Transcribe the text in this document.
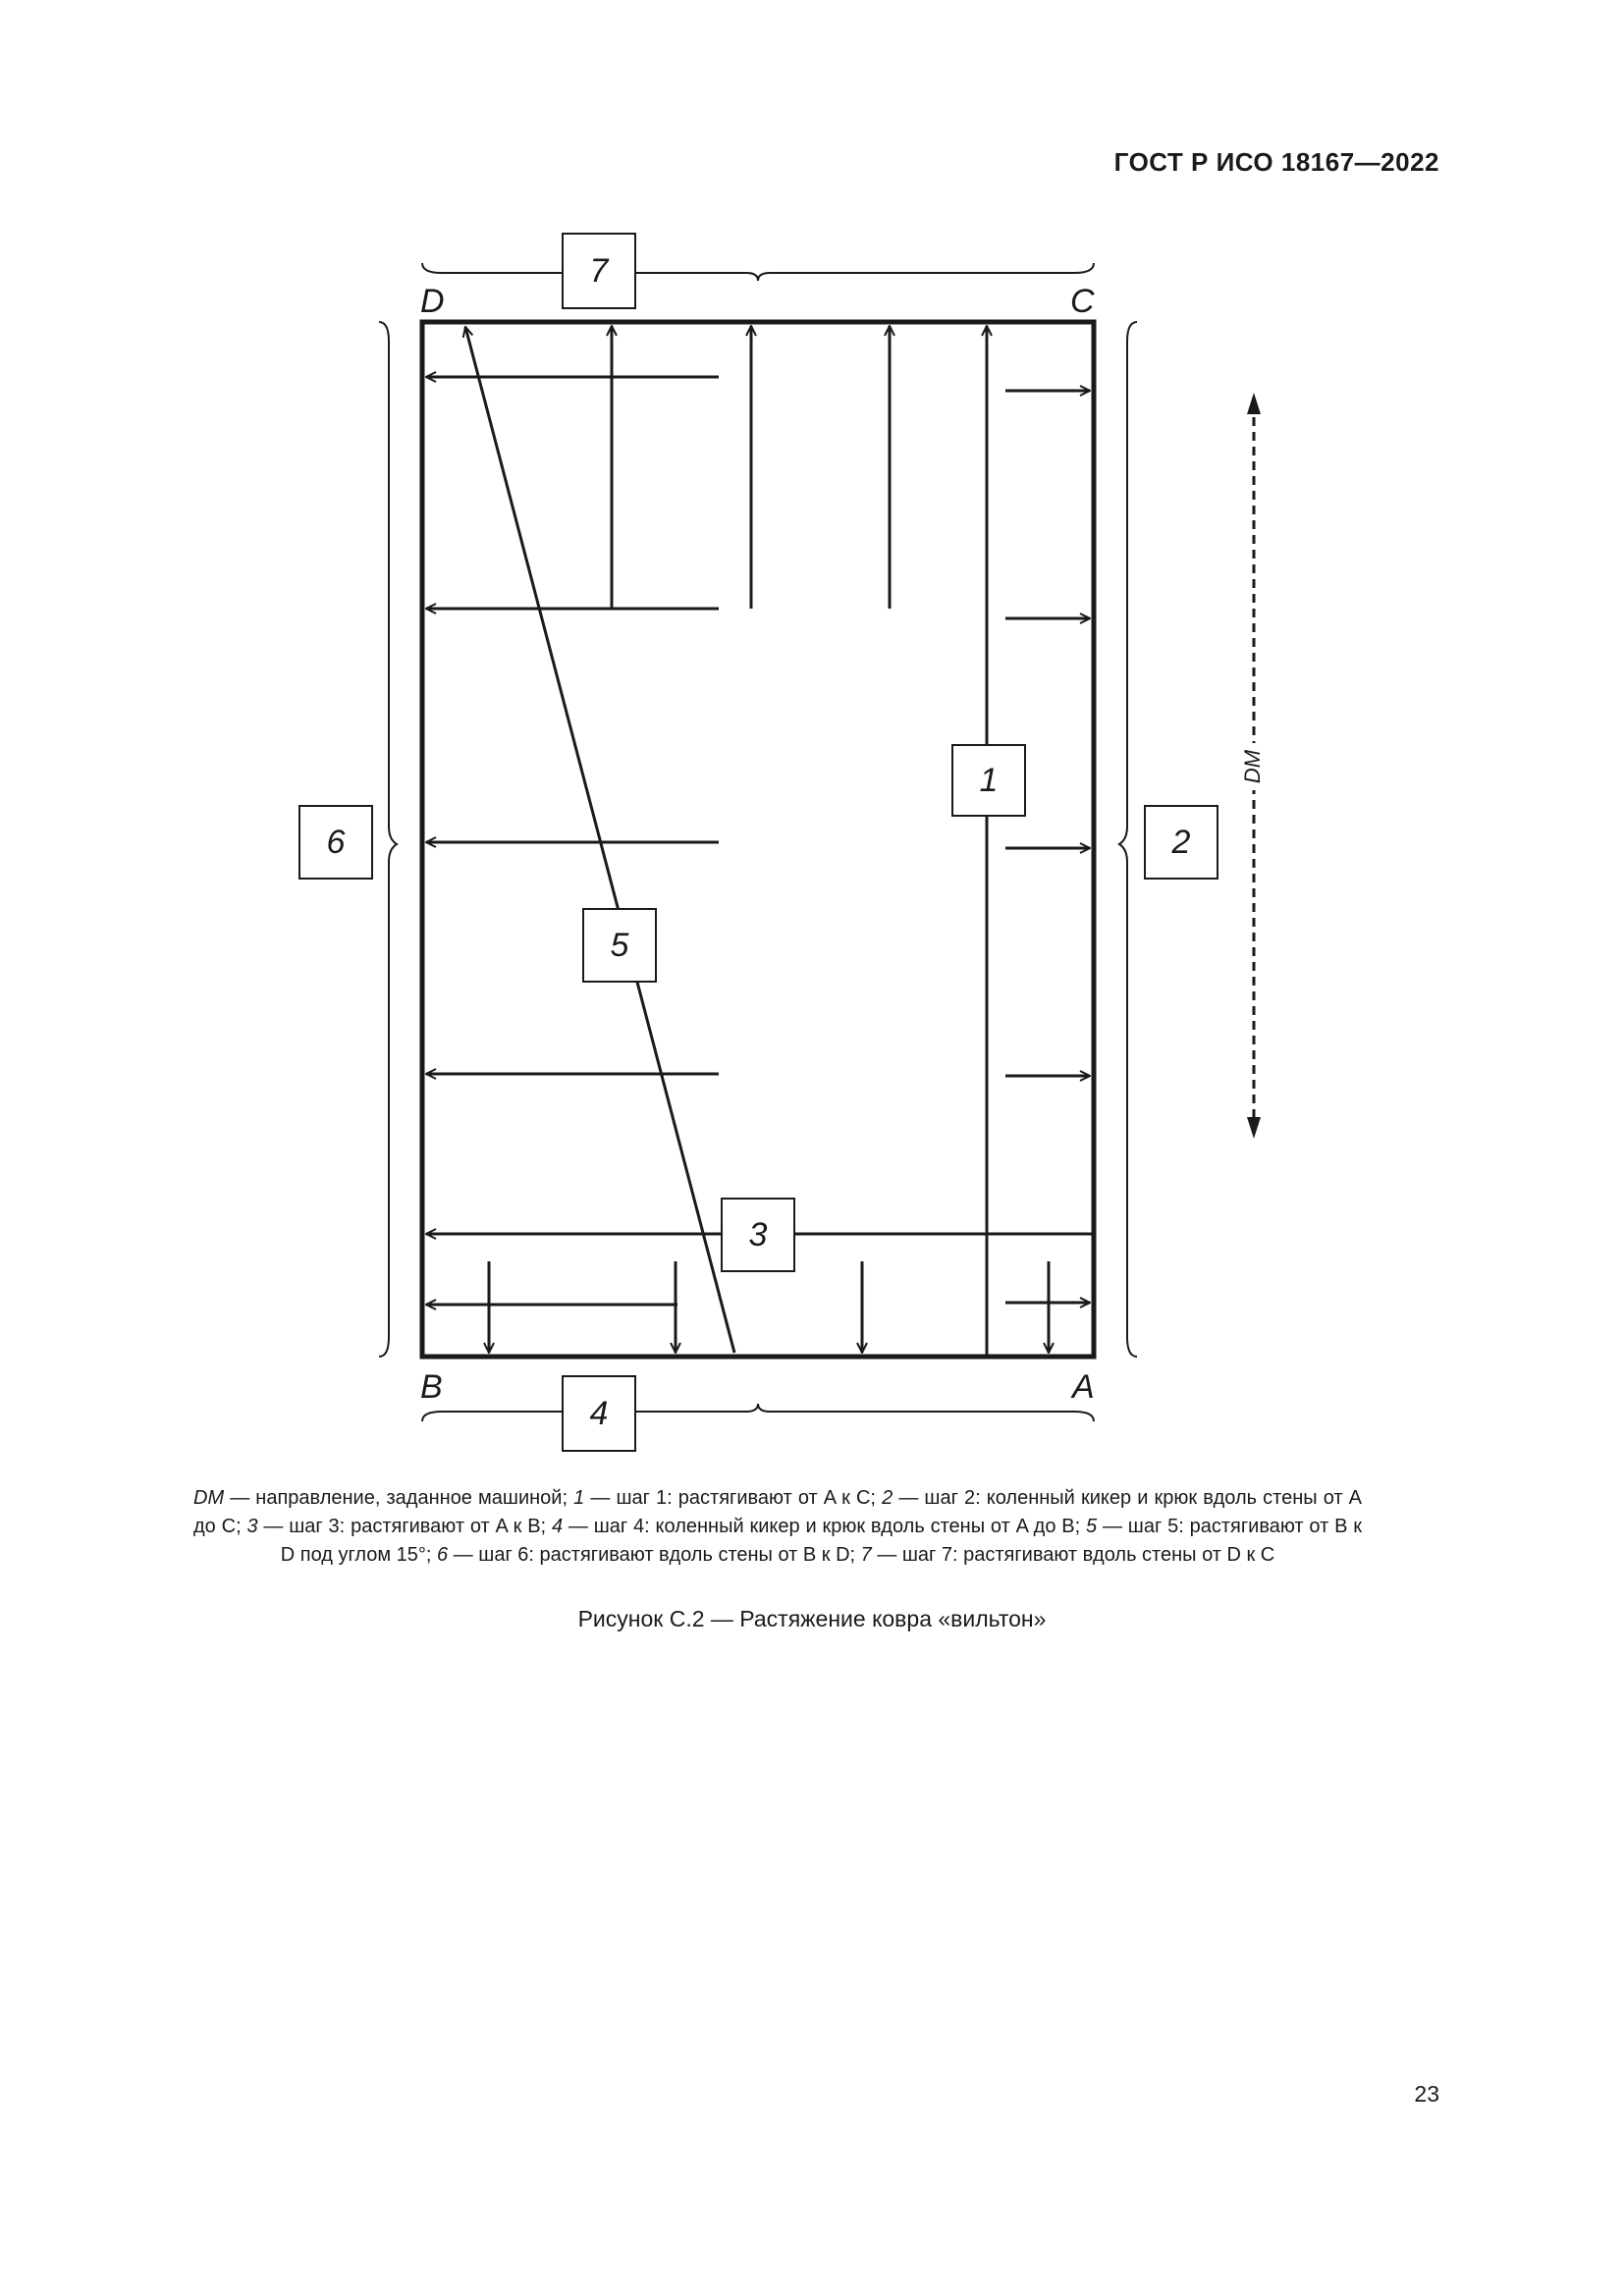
ГОСТ Р ИСО 18167—2022
DM
D	C
B	A
7
4
6	2
1
5
3
DM — направление, заданное машиной; 1 — шаг 1: растягивают от A к C; 2 — шаг 2: коленный кикер и крюк вдоль стены от A до C; 3 — шаг 3: растягивают от A к B; 4 — шаг 4: коленный кикер и крюк вдоль стены от A до B; 5 — шаг 5: растягивают от B к D под углом 15°; 6 — шаг 6: растягивают вдоль стены от B к D; 7 — шаг 7: растягивают вдоль стены от D к C
Рисунок С.2 — Растяжение ковра «вильтон»
23
